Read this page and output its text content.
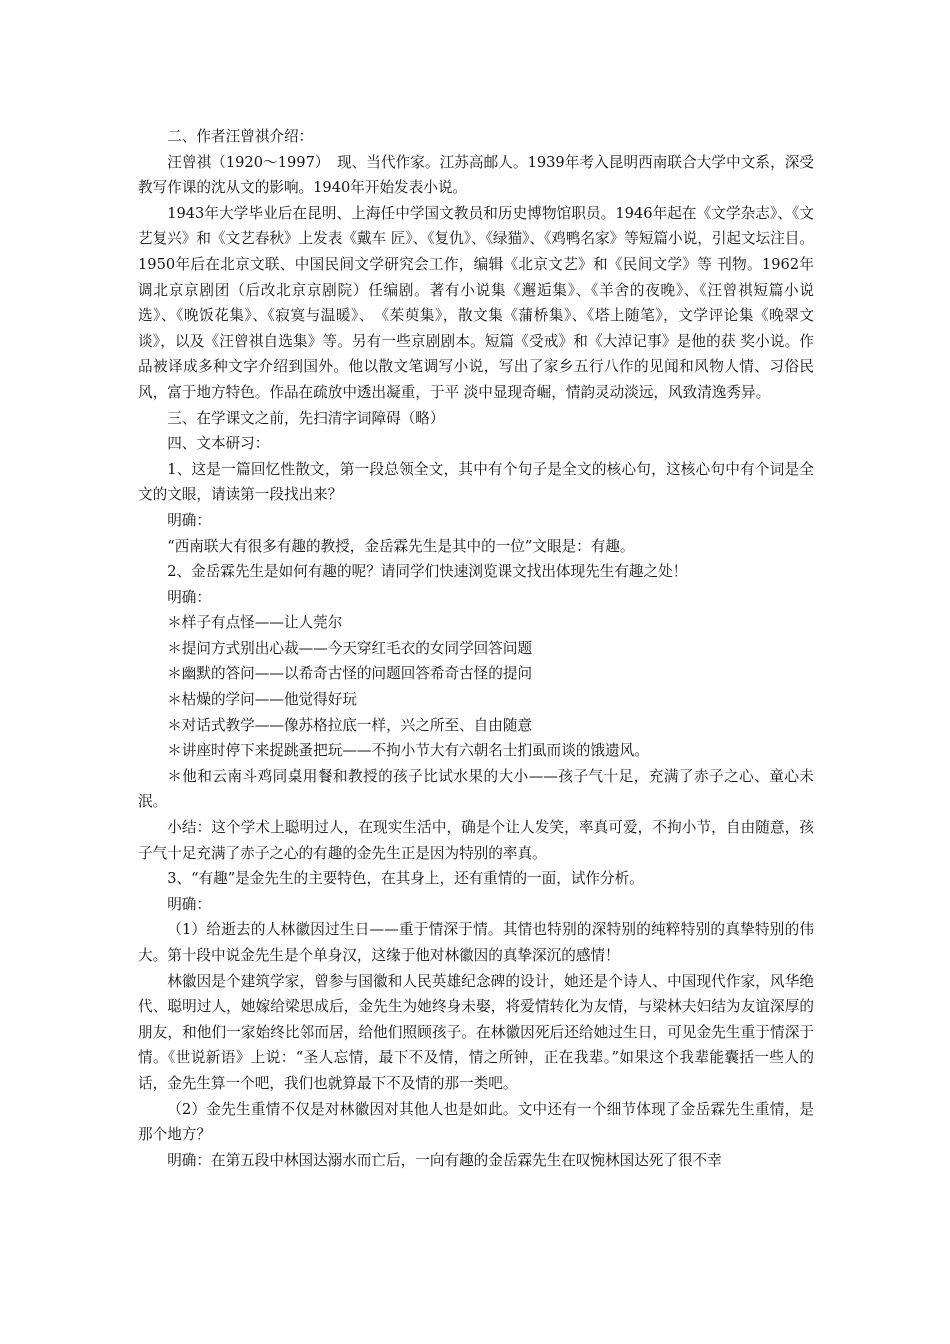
二、作者汪曾祺介绍：

汪曾祺（1920～1997）　现、当代作家。江苏高邮人。1939年考入昆明西南联合大学中文系，深受教写作课的沈从文的影响。1940年开始发表小说。

1943年大学毕业后在昆明、上海任中学国文教员和历史博物馆职员。1946年起在《文学杂志》、《文艺复兴》和《文艺春秋》上发表《戴车 匠》、《复仇》、《绿猫》、《鸡鸭名家》等短篇小说，引起文坛注目。1950年后在北京文联、中国民间文学研究会工作，编辑《北京文艺》和《民间文学》等 刊物。1962年调北京京剧团（后改北京京剧院）任编剧。著有小说集《邂逅集》、《羊舍的夜晚》、《汪曾祺短篇小说选》、《晚饭花集》、《寂寞与温暖》、　《茱萸集》，散文集《蒲桥集》、《塔上随笔》，文学评论集《晚翠文谈》，以及《汪曾祺自选集》等。另有一些京剧剧本。短篇《受戒》和《大淖记事》是他的获 奖小说。作品被译成多种文字介绍到国外。他以散文笔调写小说，写出了家乡五行八作的见闻和风物人情、习俗民风，富于地方特色。作品在疏放中透出凝重，于平 淡中显现奇崛，情韵灵动淡远，风致清逸秀异。

三、在学课文之前，先扫清字词障碍（略）

四、文本研习：

1、这是一篇回忆性散文，第一段总领全文，其中有个句子是全文的核心句，这核心句中有个词是全文的文眼，请读第一段找出来？

明确：

“西南联大有很多有趣的教授，金岳霖先生是其中的一位”文眼是：有趣。

2、金岳霖先生是如何有趣的呢？请同学们快速浏览课文找出体现先生有趣之处！

明确：

＊样子有点怪——让人莞尔

＊提问方式别出心裁——今天穿红毛衣的女同学回答问题

＊幽默的答问——以希奇古怪的问题回答希奇古怪的提问

＊枯燥的学问——他觉得好玩

＊对话式教学——像苏格拉底一样，兴之所至、自由随意

＊讲座时停下来捉跳蚤把玩——不拘小节大有六朝名士扪虱而谈的饿遗风。

＊他和云南斗鸡同桌用餐和教授的孩子比试水果的大小——孩子气十足，充满了赤子之心、童心未泯。

小结：这个学术上聪明过人，在现实生活中，确是个让人发笑，率真可爱，不拘小节，自由随意，孩子气十足充满了赤子之心的有趣的金先生正是因为特别的率真。

3、“有趣”是金先生的主要特色，在其身上，还有重情的一面，试作分析。

明确：

（1）给逝去的人林徽因过生日——重于情深于情。其情也特别的深特别的纯粹特别的真挚特别的伟大。第十段中说金先生是个单身汉，这缘于他对林徽因的真挚深沉的感情！

林徽因是个建筑学家，曾参与国徽和人民英雄纪念碑的设计，她还是个诗人、中国现代作家，风华绝代、聪明过人，她嫁给梁思成后，金先生为她终身未娶，将爱情转化为友情，与梁林夫妇结为友谊深厚的朋友，和他们一家始终比邻而居，给他们照顾孩子。在林徽因死后还给她过生日，可见金先生重于情深于情。《世说新语》上说：“圣人忘情，最下不及情，情之所钟，正在我辈。”如果这个我辈能囊括一些人的话，金先生算一个吧，我们也就算最下不及情的那一类吧。

（2）金先生重情不仅是对林徽因对其他人也是如此。文中还有一个细节体现了金岳霖先生重情，是那个地方？

明确：在第五段中林国达溺水而亡后，一向有趣的金岳霖先生在叹惋林国达死了很不幸
